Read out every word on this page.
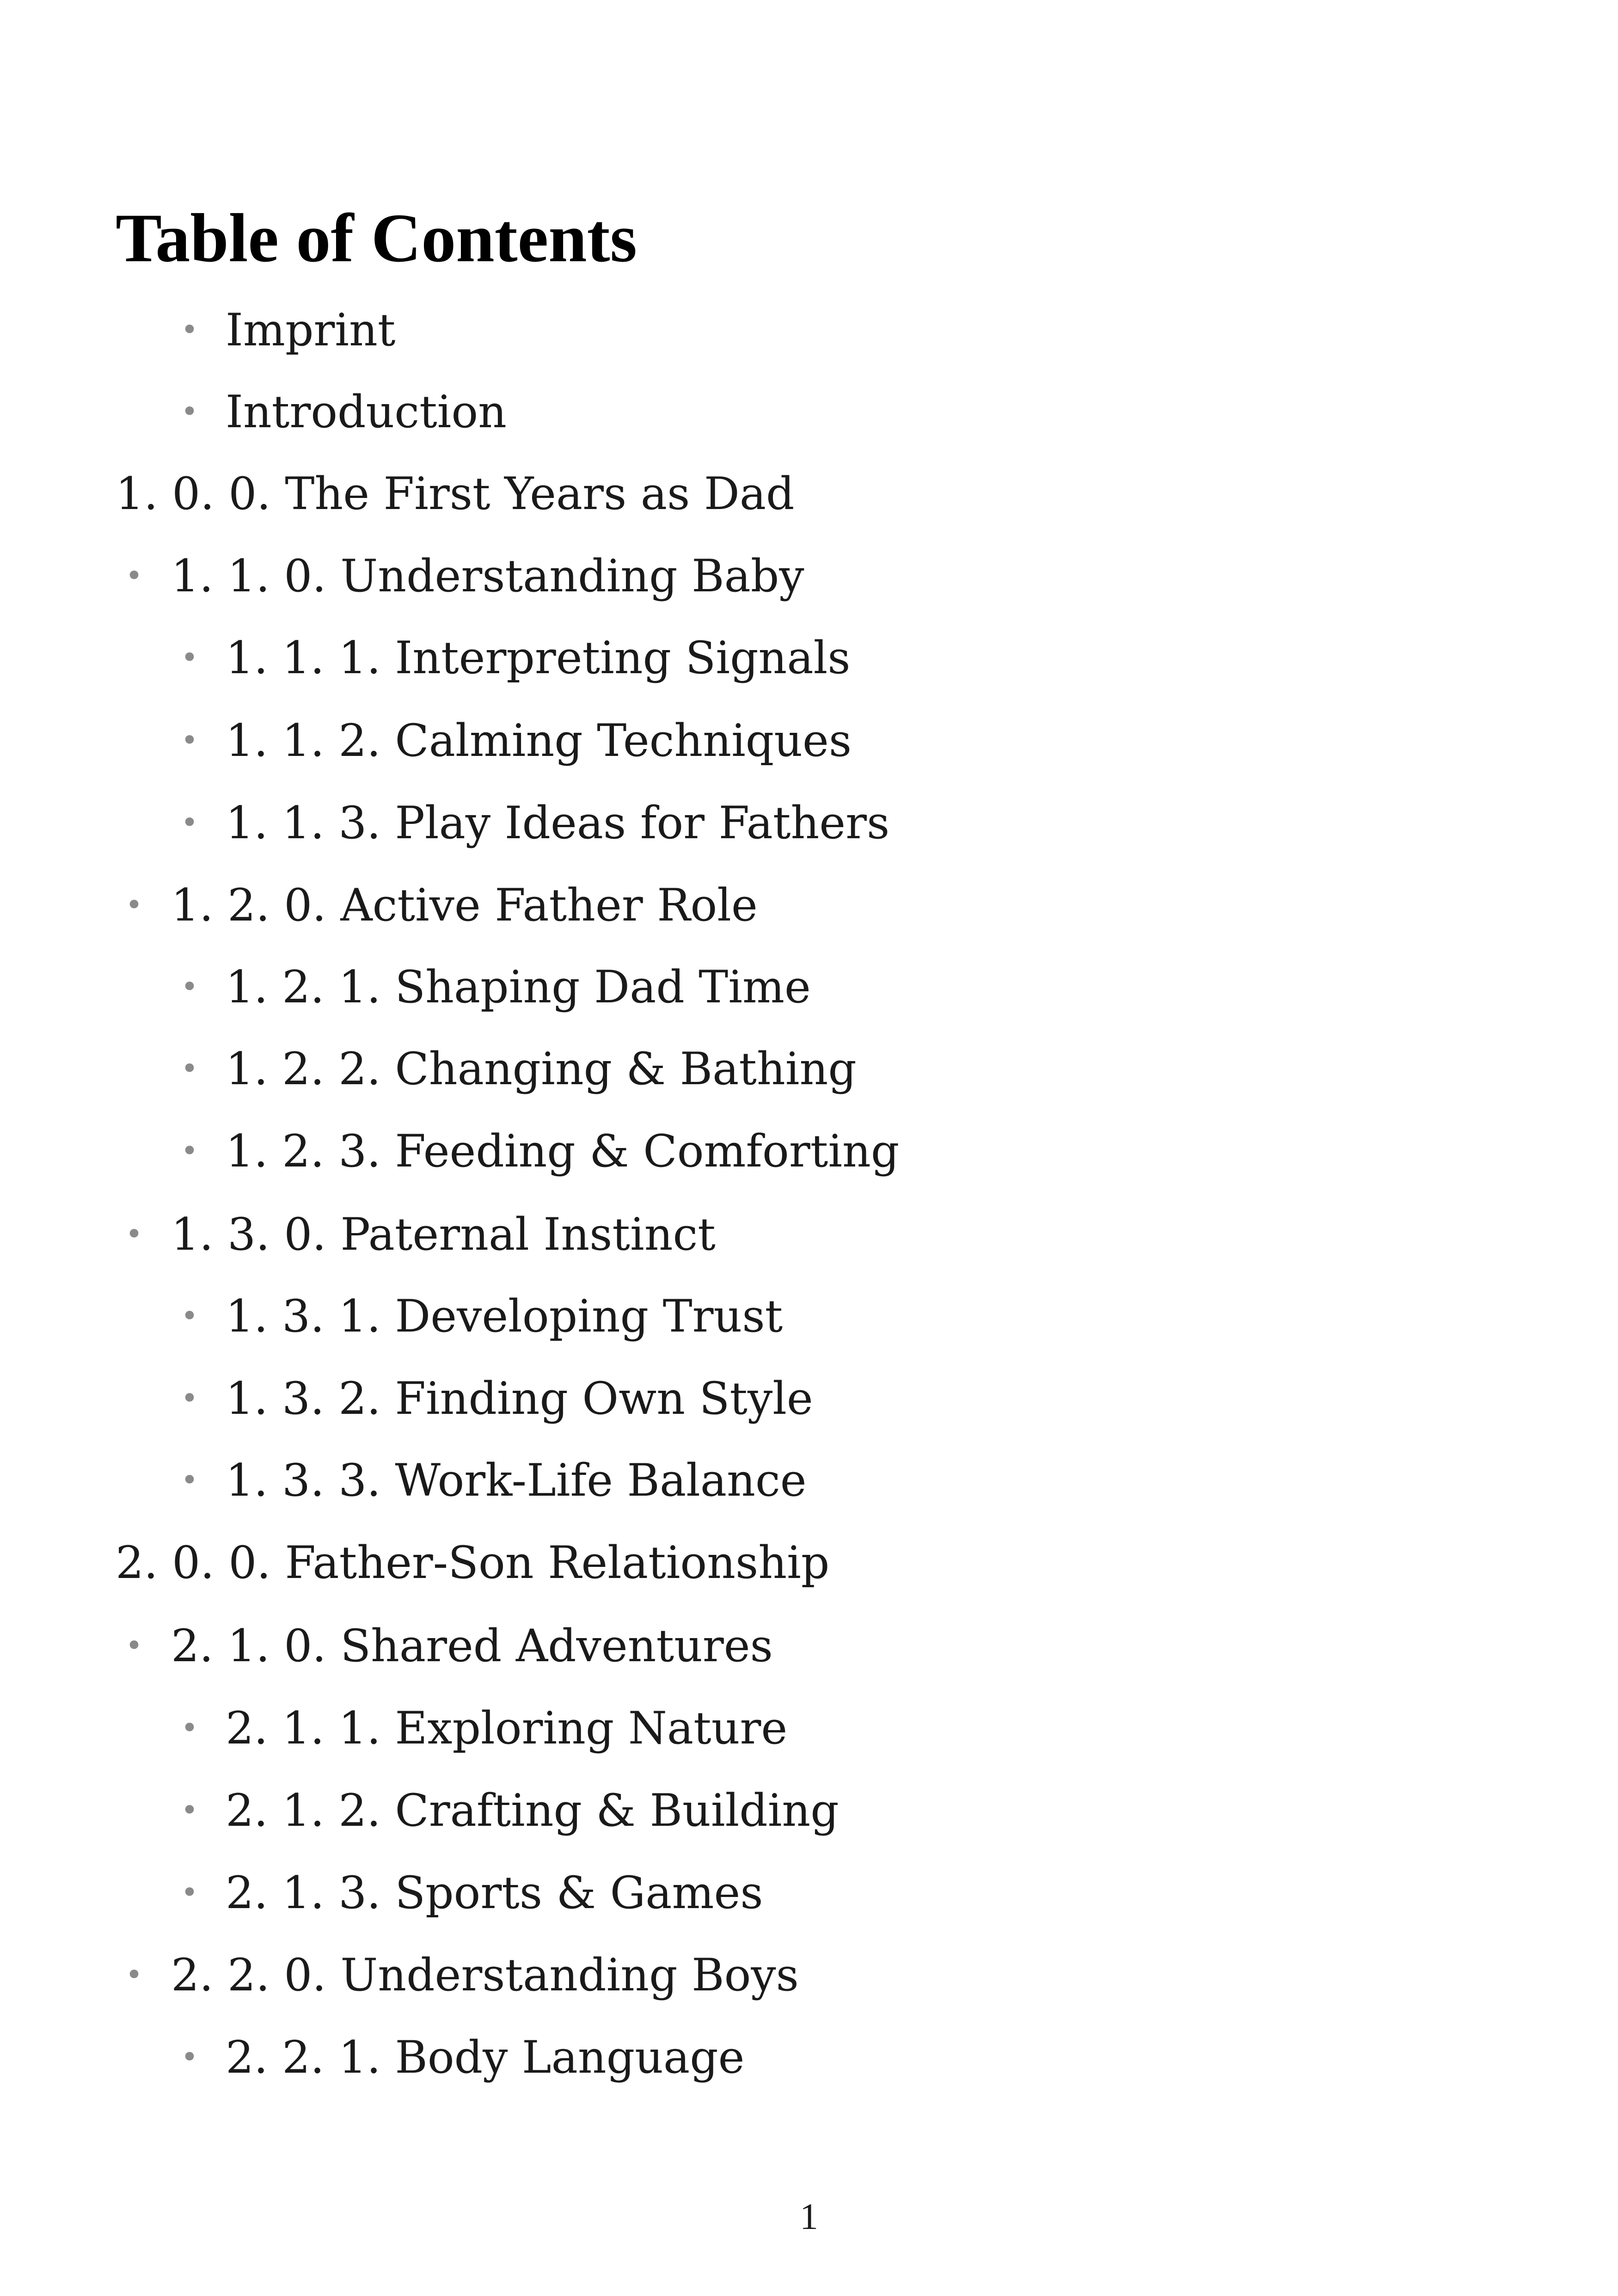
Table of Contents
• Imprint
• Introduction
1. 0. 0. The First Years as Dad
• 1. 1. 0. Understanding Baby
• 1. 1. 1. Interpreting Signals
• 1. 1. 2. Calming Techniques
• 1. 1. 3. Play Ideas for Fathers
• 1. 2. 0. Active Father Role
• 1. 2. 1. Shaping Dad Time
• 1. 2. 2. Changing & Bathing
• 1. 2. 3. Feeding & Comforting
• 1. 3. 0. Paternal Instinct
• 1. 3. 1. Developing Trust
• 1. 3. 2. Finding Own Style
• 1. 3. 3. Work-Life Balance
2. 0. 0. Father-Son Relationship
• 2. 1. 0. Shared Adventures
• 2. 1. 1. Exploring Nature
• 2. 1. 2. Crafting & Building
• 2. 1. 3. Sports & Games
• 2. 2. 0. Understanding Boys
• 2. 2. 1. Body Language
1
